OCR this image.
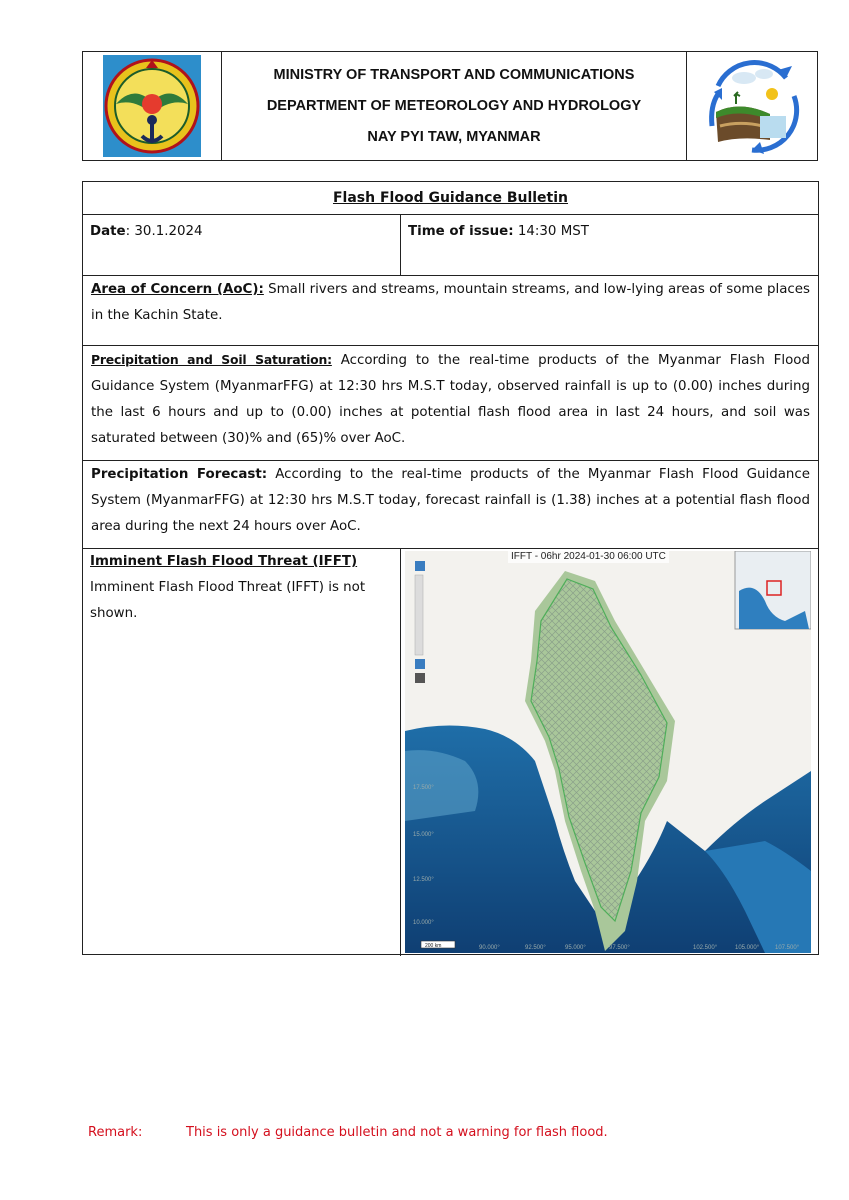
MINISTRY OF TRANSPORT AND COMMUNICATIONS
DEPARTMENT OF METEOROLOGY AND HYDROLOGY
NAY PYI TAW, MYANMAR
Flash Flood Guidance Bulletin
Date: 30.1.2024	Time of issue: 14:30 MST
Area of Concern (AoC): Small rivers and streams, mountain streams, and low-lying areas of some places in the Kachin State.
Precipitation and Soil Saturation: According to the real-time products of the Myanmar Flash Flood Guidance System (MyanmarFFG) at 12:30 hrs M.S.T today, observed rainfall is up to (0.00) inches during the last 6 hours and up to (0.00) inches at potential flash flood area in last 24 hours, and soil was saturated between (30)% and (65)% over AoC.
Precipitation Forecast: According to the real-time products of the Myanmar Flash Flood Guidance System (MyanmarFFG) at 12:30 hrs M.S.T today, forecast rainfall is (1.38) inches at a potential flash flood area during the next 24 hours over AoC.
Imminent Flash Flood Threat (IFFT)
Imminent Flash Flood Threat (IFFT) is not shown.
17.500°
15.000°
12.500°
10.000°
90.000°	92.500°	95.000°	97.500°	102.500°	105.000°	107.500°
200 km
IFFT - 06hr 2024-01-30 06:00 UTC
Remark:	This is only a guidance bulletin and not a warning for flash flood.
